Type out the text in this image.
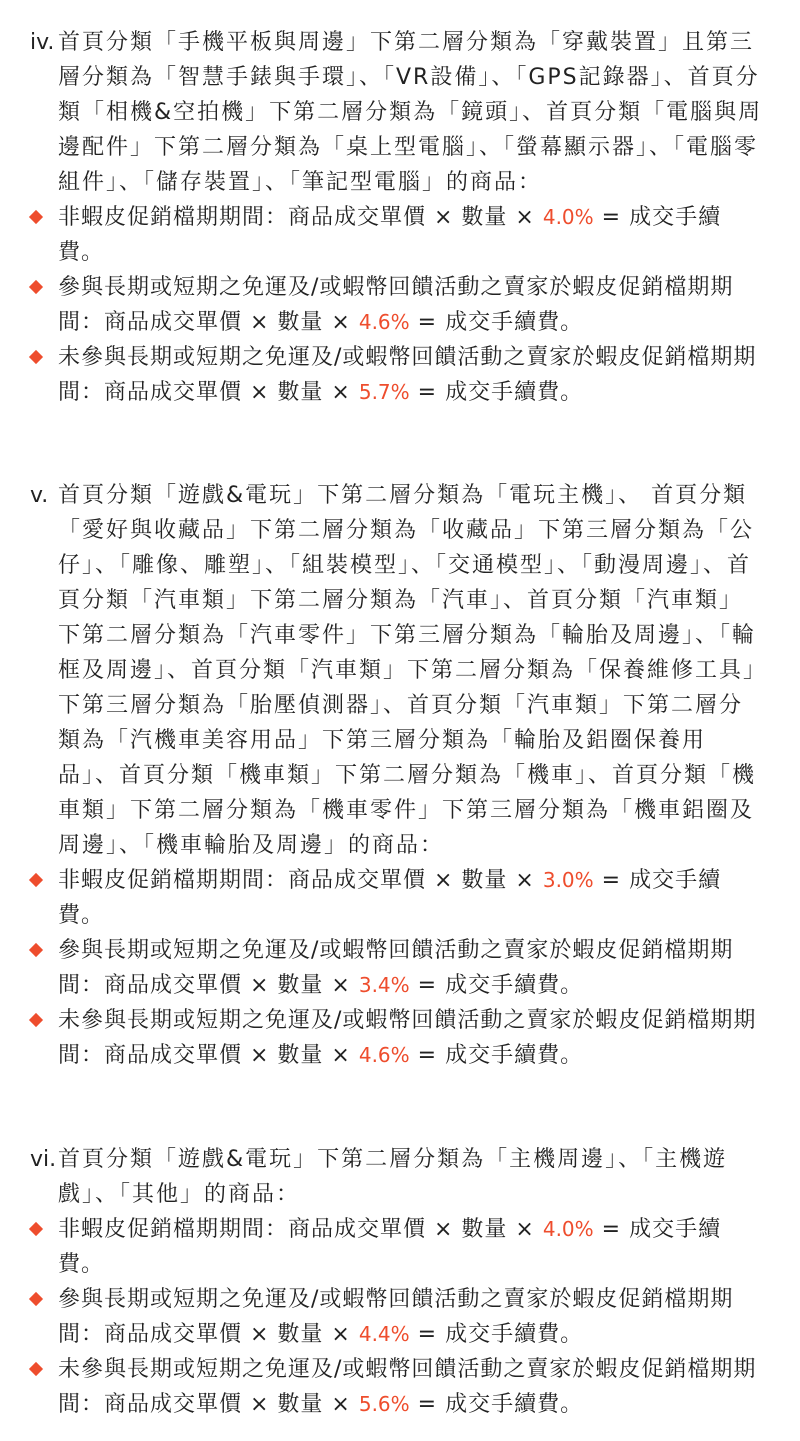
iv. 首頁分類「手機平板與周邊」下第二層分類為「穿戴裝置」且第三層分類為「智慧手錶與手環」、「VR設備」、「GPS記錄器」、首頁分類「相機&空拍機」下第二層分類為「鏡頭」、首頁分類「電腦與周邊配件」下第二層分類為「桌上型電腦」、「螢幕顯示器」、「電腦零組件」、「儲存裝置」、「筆記型電腦」的商品：
非蝦皮促銷檔期期間：商品成交單價 × 數量 × 4.0% = 成交手續費。
參與長期或短期之免運及/或蝦幣回饋活動之賣家於蝦皮促銷檔期期間：商品成交單價 × 數量 × 4.6% = 成交手續費。
未參與長期或短期之免運及/或蝦幣回饋活動之賣家於蝦皮促銷檔期期間：商品成交單價 × 數量 × 5.7% = 成交手續費。
v. 首頁分類「遊戲&電玩」下第二層分類為「電玩主機」、 首頁分類「愛好與收藏品」下第二層分類為「收藏品」下第三層分類為「公仔」、「雕像、雕塑」、「組裝模型」、「交通模型」、「動漫周邊」、首頁分類「汽車類」下第二層分類為「汽車」、首頁分類「汽車類」下第二層分類為「汽車零件」下第三層分類為「輪胎及周邊」、「輪框及周邊」、首頁分類「汽車類」下第二層分類為「保養維修工具」下第三層分類為「胎壓偵測器」、首頁分類「汽車類」下第二層分類為「汽機車美容用品」下第三層分類為「輪胎及鋁圈保養用品」、首頁分類「機車類」下第二層分類為「機車」、首頁分類「機車類」下第二層分類為「機車零件」下第三層分類為「機車鋁圈及周邊」、「機車輪胎及周邊」的商品：
非蝦皮促銷檔期期間：商品成交單價 × 數量 × 3.0% = 成交手續費。
參與長期或短期之免運及/或蝦幣回饋活動之賣家於蝦皮促銷檔期期間：商品成交單價 × 數量 × 3.4% = 成交手續費。
未參與長期或短期之免運及/或蝦幣回饋活動之賣家於蝦皮促銷檔期期間：商品成交單價 × 數量 × 4.6% = 成交手續費。
vi. 首頁分類「遊戲&電玩」下第二層分類為「主機周邊」、「主機遊戲」、「其他」的商品：
非蝦皮促銷檔期期間：商品成交單價 × 數量 × 4.0% = 成交手續費。
參與長期或短期之免運及/或蝦幣回饋活動之賣家於蝦皮促銷檔期期間：商品成交單價 × 數量 × 4.4% = 成交手續費。
未參與長期或短期之免運及/或蝦幣回饋活動之賣家於蝦皮促銷檔期期間：商品成交單價 × 數量 × 5.6% = 成交手續費。
